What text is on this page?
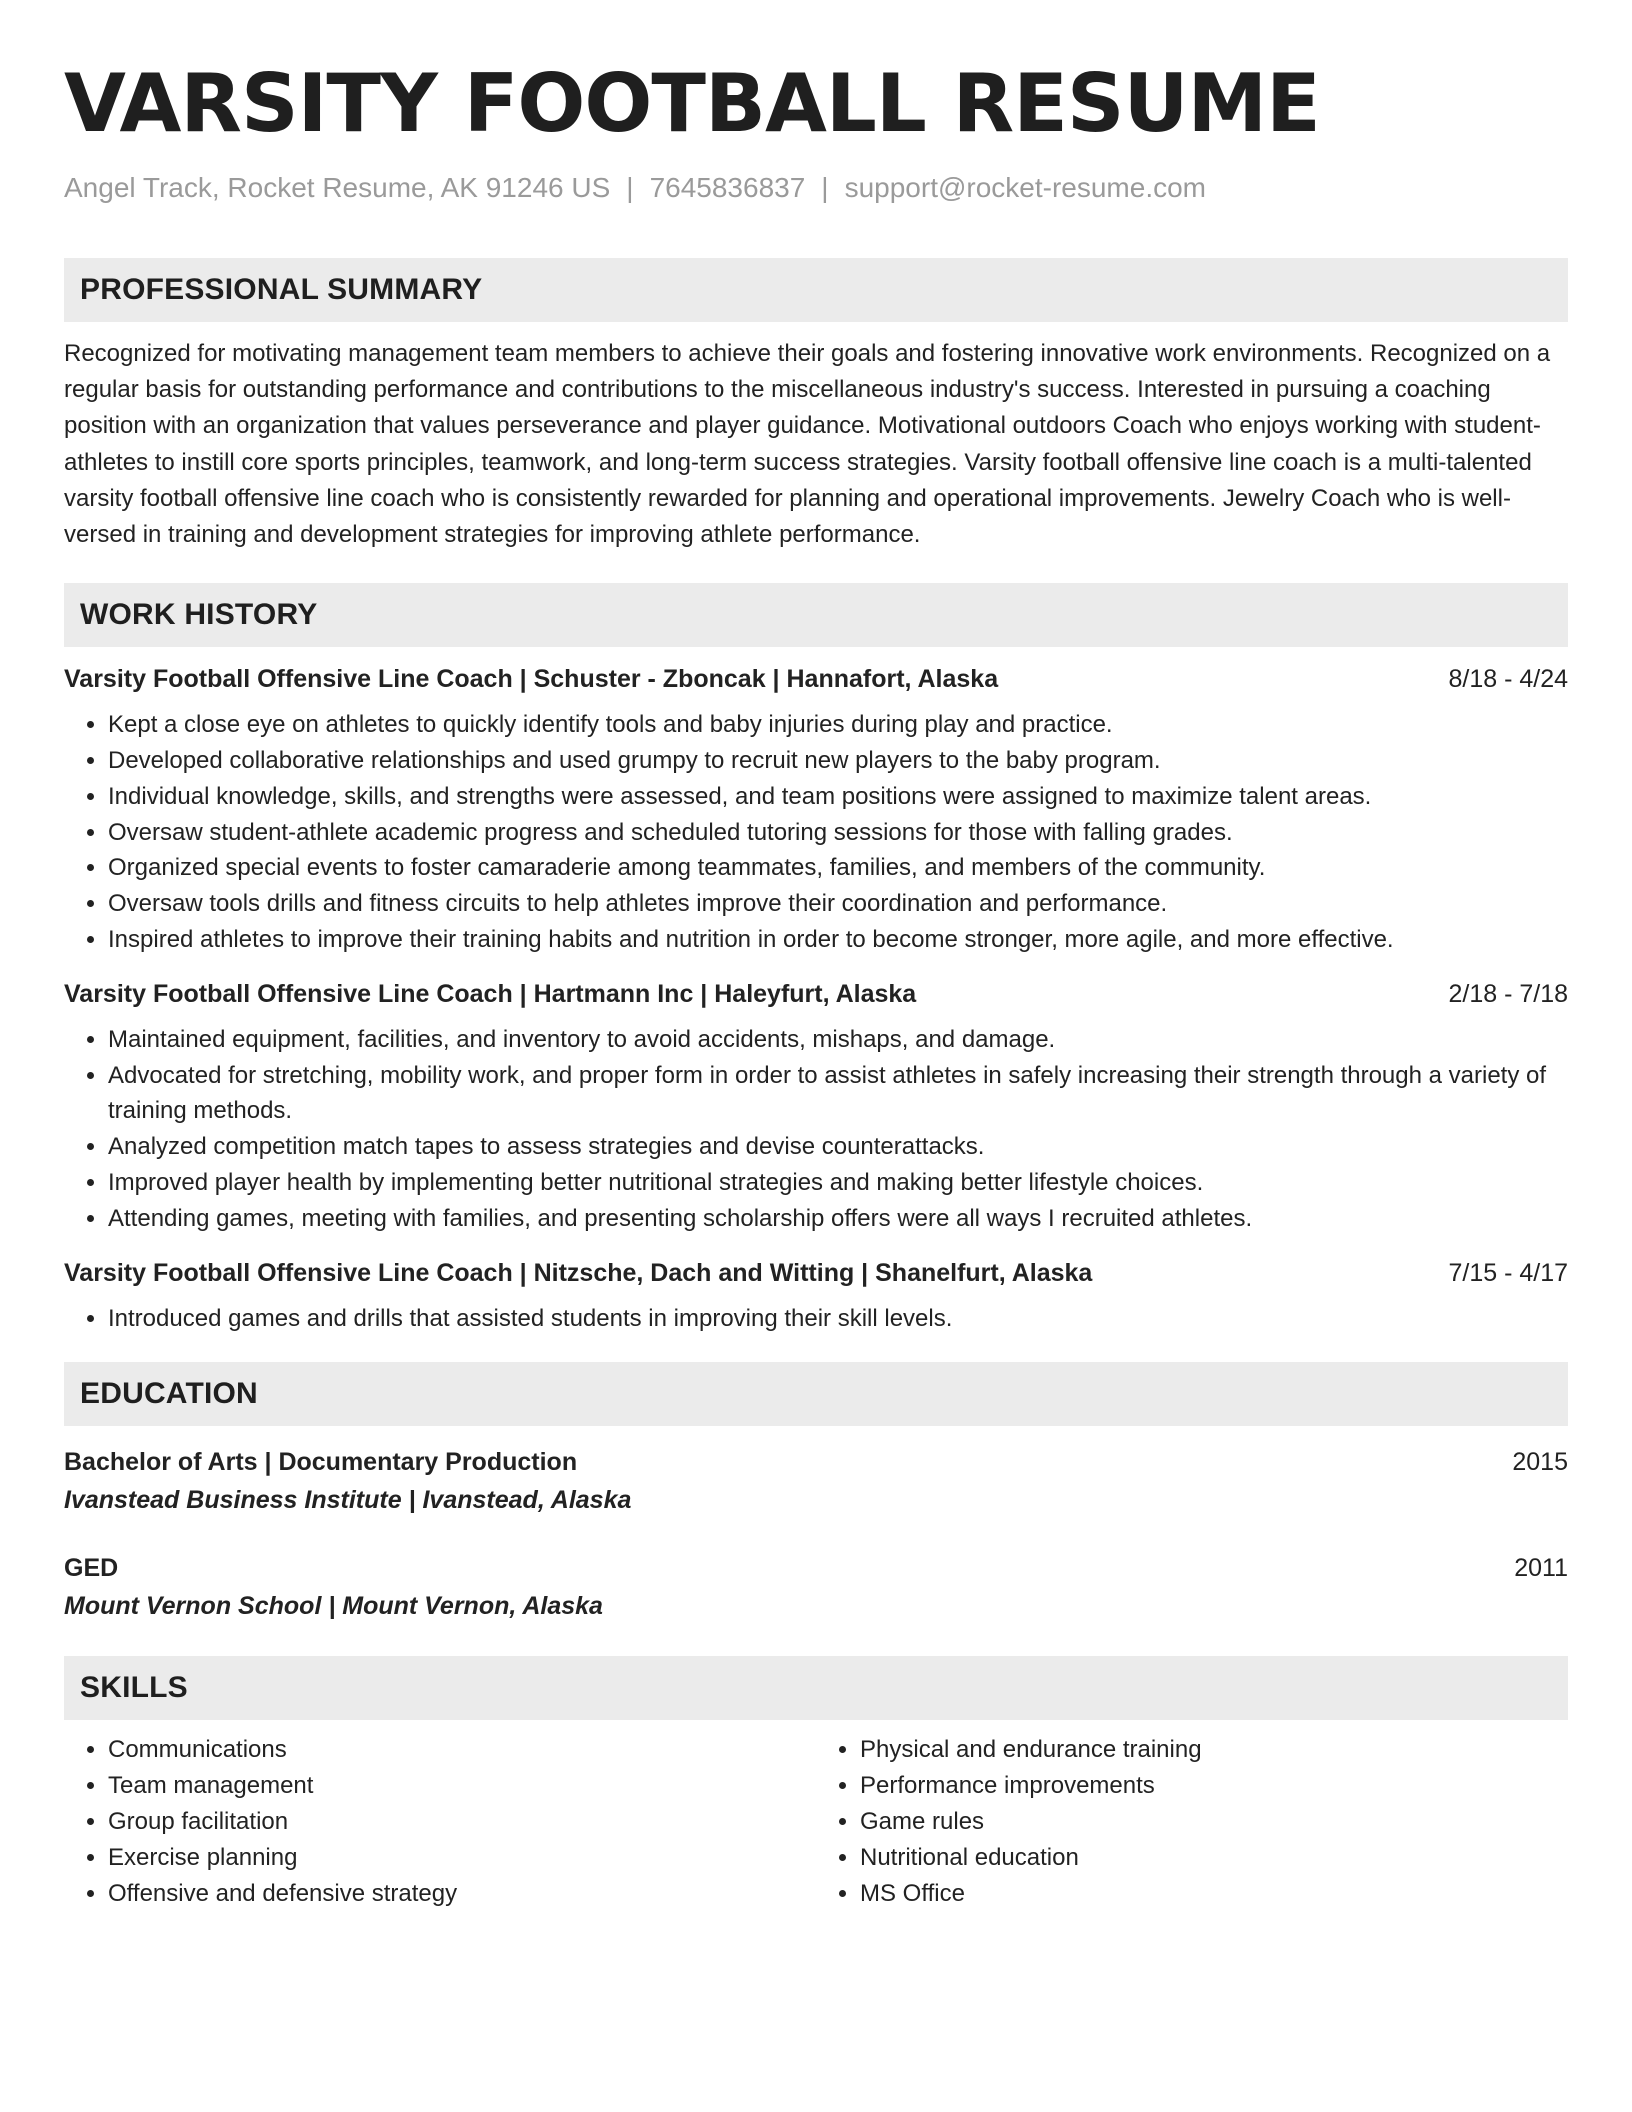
VARSITY FOOTBALL RESUME
Angel Track, Rocket Resume, AK 91246 US | 7645836837 | support@rocket-resume.com
PROFESSIONAL SUMMARY
Recognized for motivating management team members to achieve their goals and fostering innovative work environments. Recognized on a regular basis for outstanding performance and contributions to the miscellaneous industry's success. Interested in pursuing a coaching position with an organization that values perseverance and player guidance. Motivational outdoors Coach who enjoys working with student-athletes to instill core sports principles, teamwork, and long-term success strategies. Varsity football offensive line coach is a multi-talented varsity football offensive line coach who is consistently rewarded for planning and operational improvements. Jewelry Coach who is well-versed in training and development strategies for improving athlete performance.
WORK HISTORY
Varsity Football Offensive Line Coach | Schuster - Zboncak | Hannafort, Alaska	8/18 - 4/24
• Kept a close eye on athletes to quickly identify tools and baby injuries during play and practice.
• Developed collaborative relationships and used grumpy to recruit new players to the baby program.
• Individual knowledge, skills, and strengths were assessed, and team positions were assigned to maximize talent areas.
• Oversaw student-athlete academic progress and scheduled tutoring sessions for those with falling grades.
• Organized special events to foster camaraderie among teammates, families, and members of the community.
• Oversaw tools drills and fitness circuits to help athletes improve their coordination and performance.
• Inspired athletes to improve their training habits and nutrition in order to become stronger, more agile, and more effective.
Varsity Football Offensive Line Coach | Hartmann Inc | Haleyfurt, Alaska	2/18 - 7/18
• Maintained equipment, facilities, and inventory to avoid accidents, mishaps, and damage.
• Advocated for stretching, mobility work, and proper form in order to assist athletes in safely increasing their strength through a variety of training methods.
• Analyzed competition match tapes to assess strategies and devise counterattacks.
• Improved player health by implementing better nutritional strategies and making better lifestyle choices.
• Attending games, meeting with families, and presenting scholarship offers were all ways I recruited athletes.
Varsity Football Offensive Line Coach | Nitzsche, Dach and Witting | Shanelfurt, Alaska	7/15 - 4/17
• Introduced games and drills that assisted students in improving their skill levels.
EDUCATION
Bachelor of Arts | Documentary Production	2015
Ivanstead Business Institute | Ivanstead, Alaska
GED	2011
Mount Vernon School | Mount Vernon, Alaska
SKILLS
• Communications
• Team management
• Group facilitation
• Exercise planning
• Offensive and defensive strategy
• Physical and endurance training
• Performance improvements
• Game rules
• Nutritional education
• MS Office
